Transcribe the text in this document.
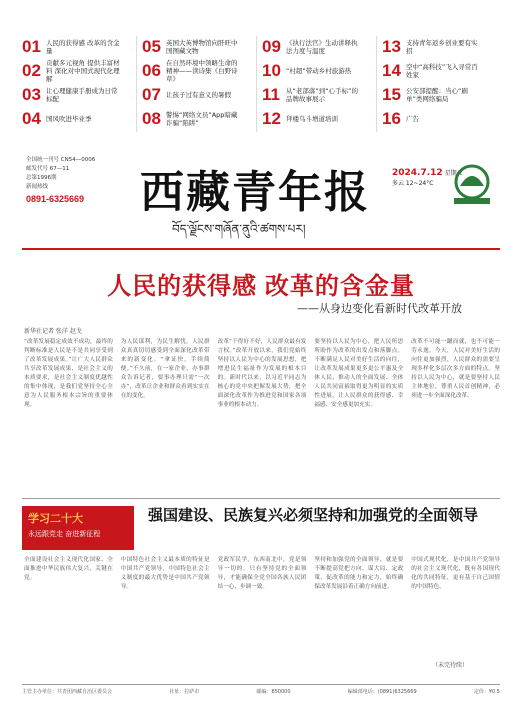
01 人民的获得感 改革的含金量
02 贡献多元视角 提供丰富材料 深化对中国式现代化理解
03 让心理健康手册成为日常标配
04 国风吹进毕业季
05 英国大英博物馆向肝旺中国图藏文物
06 在自然环境中领略生命的精神——读诗集《白野诗草》
07 让孩子过有意义的暑假
08 警惕“网络文员”App暗藏诈骗“陷阱”
09 《执行法官》生动讲释执法力度与温度
10 “村超”带动乡村旅游热
11 从“老部落”到“心手标”的品牌故事展示
12 拜楼乌斗增道培训
13 支持青年返乡创业要有实招
14 空中“高科技”飞入寻常百姓家
15 公安部提醒：当心“刷单”类网络骗局
16 广告
全国统一刊号 CN54—0006
邮发代号 67—11
总第1996期
新闻热线
0891-6325669 西藏青年报
བོད་ལྗོངས་གཞོན་ནུའི་ཚགས་པར།
2024.7.12 星期五
多云 12~24°C
人民的获得感 改革的含金量
——从身边变化看新时代改革开放
新华社记者 张洋 赵戈
“改革发展稳定成效不成功，最终的判断标准是人民是不是共同享受到了改革发展成果。”让广大人民群众共享改革发展成果，是社会主义的本质要求，是社会主义制度优越性的集中体现，是我们党坚持全心全意为人民服务根本宗旨的重要体现。
为人民谋利，为民生解忧。人民群众真真切切感受到全面深化改革带来的新变化。“拿证快，手续简便。”不久前，在一家企业，办事群众告诉记者，要事办理只需“一次办”，改革让企业和群众看到实实在在的变化。
改革“干得好不好，人民群众最有发言权。”改革开放以来，我们党始终坚持以人民为中心的发展思想，把增进民生福祉作为发展的根本目的。新时代以来，以习近平同志为核心的党中央把握发展大势，把全面深化改革作为推进党和国家各项事业的根本动力。
要坚持以人民为中心，把人民所思所盼作为改革的出发点和落脚点。不断满足人民对美好生活的向往，让改革发展成果更多更公平惠及全体人民，推动人的全面发展、全体人民共同富裕取得更为明显的实质性进展，让人民群众的获得感、幸福感、安全感更加充实。
改革不可能一蹴而就，也不可能一劳永逸。今天，人民对美好生活的向往更加强烈，人民群众的需要呈现多样化多层次多方面的特点。坚持以人民为中心，就是要坚持人民主体地位，尊重人民首创精神，必须进一步全面深化改革。
学习二十大
永远跟党走 奋进新征程
强国建设、民族复兴必须坚持和加强党的全面领导
全面建设社会主义现代化国家、全面推进中华民族伟大复兴，关键在党。
中国特色社会主义最本质的特征是中国共产党领导，中国特色社会主义制度的最大优势是中国共产党领导。
党政军民学，东西南北中，党是领导一切的。只有坚持党的全面领导，才能确保全党全国各族人民团结一心、步调一致。
坚持和加强党的全面领导，就是要不断提高党把方向、谋大局、定政策、促改革的能力和定力，始终确保改革发展沿着正确方向前进。
中国式现代化，是中国共产党领导的社会主义现代化，既有各国现代化的共同特征，更有基于自己国情的中国特色。
（未完待续）
主管主办单位：共青团西藏自治区委员会	社址：拉萨市	邮编：850000	编辑部电话：(0891)6325669	定价：¥0.5
